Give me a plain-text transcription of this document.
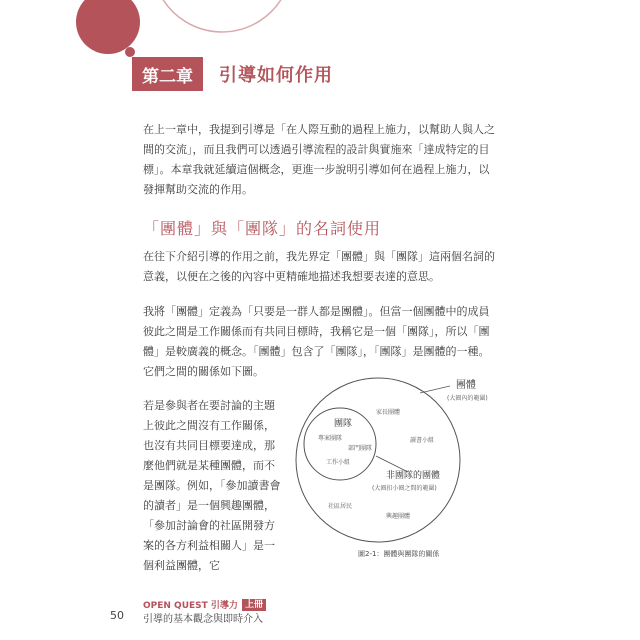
第二章	引導如何作用

在上一章中，我提到引導是「在人際互動的過程上施力，以幫助人與人之間的交流」，而且我們可以透過引導流程的設計與實施來「達成特定的目標」。本章我就延續這個概念，更進一步說明引導如何在過程上施力，以發揮幫助交流的作用。

「團體」與「團隊」的名詞使用

在往下介紹引導的作用之前，我先界定「團體」與「團隊」這兩個名詞的意義，以便在之後的內容中更精確地描述我想要表達的意思。

我將「團體」定義為「只要是一群人都是團體」。但當一個團體中的成員彼此之間是工作關係而有共同目標時，我稱它是一個「團隊」，所以「團體」是較廣義的概念。「團體」包含了「團隊」，「團隊」是團體的一種。它們之間的關係如下圖。

若是參與者在要討論的主題上彼此之間沒有工作關係，也沒有共同目標要達成，那麼他們就是某種團體，而不是團隊。例如，「參加讀書會的讀者」是一個興趣團體，「參加討論會的社區開發方案的各方利益相關人」是一個利益團體，它

團體
(大圈內的範圍)
團隊
專案團隊
部門團隊
工作小組
家長團體
讀書小組
非團隊的團體
(大圈扣小圈之間的範圍)
社區居民
興趣團體
圖2-1：團體與團隊的關係
OPEN QUEST 引導力 上冊
50 引導的基本觀念與即時介入
